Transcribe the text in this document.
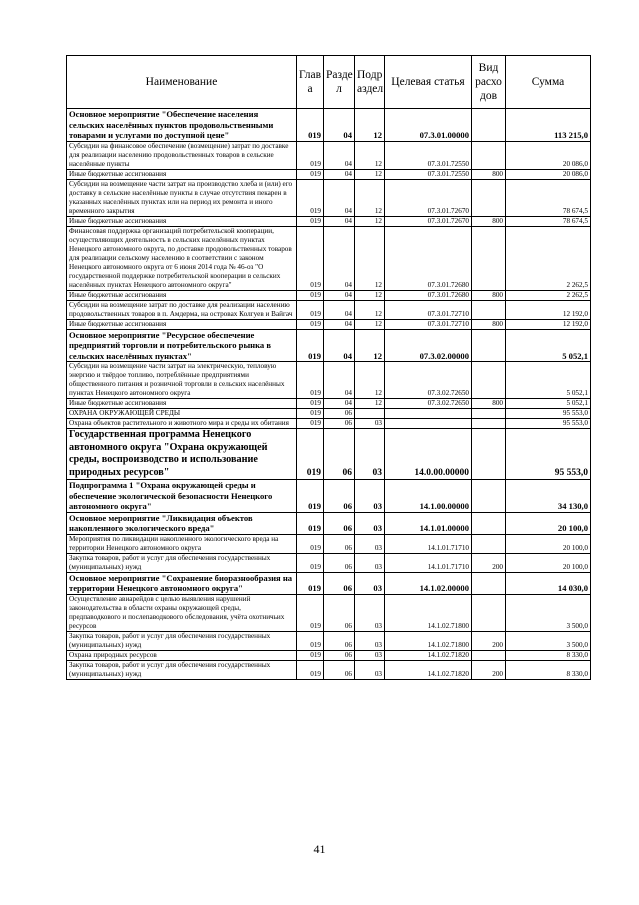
Наименование	Глав а	Разде л	Подр аздел	Целевая статья	Вид расхо дов	Сумма
Основное мероприятие "Обеспечение населения сельских населённых пунктов продовольственными товарами и услугами по доступной цене"	019	04	12	07.3.01.00000		113 215,0
Субсидии на финансовое обеспечение (возмещение) затрат по доставке для реализации населению продовольственных товаров в сельские населённые пункты	019	04	12	07.3.01.72550		20 086,0
Иные бюджетные ассигнования	019	04	12	07.3.01.72550	800	20 086,0
Субсидии на возмещение части затрат на производство хлеба и (или) его доставку в сельские населённые пункты в случае отсутствия пекарен в указанных населённых пунктах или на период их ремонта и иного временного закрытия	019	04	12	07.3.01.72670		78 674,5
Иные бюджетные ассигнования	019	04	12	07.3.01.72670	800	78 674,5
Финансовая поддержка организаций потребительской кооперации, осуществляющих деятельность в сельских населённых пунктах Ненецкого автономного округа, по доставке продовольственных товаров для реализации сельскому населению в соответствии с законом Ненецкого автономного округа от 6 июня 2014 года № 46-оз "О государственной поддержке потребительской кооперации в сельских населённых пунктах Ненецкого автономного округа"	019	04	12	07.3.01.72680		2 262,5
Иные бюджетные ассигнования	019	04	12	07.3.01.72680	800	2 262,5
Субсидии на возмещение затрат по доставке для реализации населению продовольственных товаров в п. Амдерма, на островах Колгуев и Вайгач	019	04	12	07.3.01.72710		12 192,0
Иные бюджетные ассигнования	019	04	12	07.3.01.72710	800	12 192,0
Основное мероприятие "Ресурсное обеспечение предприятий торговли и потребительского рынка в сельских населённых пунктах"	019	04	12	07.3.02.00000		5 052,1
Субсидии на возмещение части затрат на электрическую, тепловую энергию и твёрдое топливо, потреблённые предприятиями общественного питания и розничной торговли в сельских населённых пунктах Ненецкого автономного округа	019	04	12	07.3.02.72650		5 052,1
Иные бюджетные ассигнования	019	04	12	07.3.02.72650	800	5 052,1
ОХРАНА ОКРУЖАЮЩЕЙ СРЕДЫ	019	06				95 553,0
Охрана объектов растительного и животного мира и среды их обитания	019	06	03			95 553,0
Государственная программа Ненецкого автономного округа "Охрана окружающей среды, воспроизводство и использование природных ресурсов"	019	06	03	14.0.00.00000		95 553,0
Подпрограмма 1 "Охрана окружающей среды и обеспечение экологической безопасности Ненецкого автономного округа"	019	06	03	14.1.00.00000		34 130,0
Основное мероприятие "Ликвидация объектов накопленного экологического вреда"	019	06	03	14.1.01.00000		20 100,0
Мероприятия по ликвидации накопленного экологического вреда на территории Ненецкого автономного округа	019	06	03	14.1.01.71710		20 100,0
Закупка товаров, работ и услуг для обеспечения государственных (муниципальных) нужд	019	06	03	14.1.01.71710	200	20 100,0
Основное мероприятие "Сохранение биоразнообразия на территории Ненецкого автономного округа"	019	06	03	14.1.02.00000		14 030,0
Осуществление авиарейдов с целью выявления нарушений законодательства в области охраны окружающей среды, предпаводкового и послепаводкового обследования, учёта охотничьих ресурсов	019	06	03	14.1.02.71800		3 500,0
Закупка товаров, работ и услуг для обеспечения государственных (муниципальных) нужд	019	06	03	14.1.02.71800	200	3 500,0
Охрана природных ресурсов	019	06	03	14.1.02.71820		8 330,0
Закупка товаров, работ и услуг для обеспечения государственных (муниципальных) нужд	019	06	03	14.1.02.71820	200	8 330,0
41
